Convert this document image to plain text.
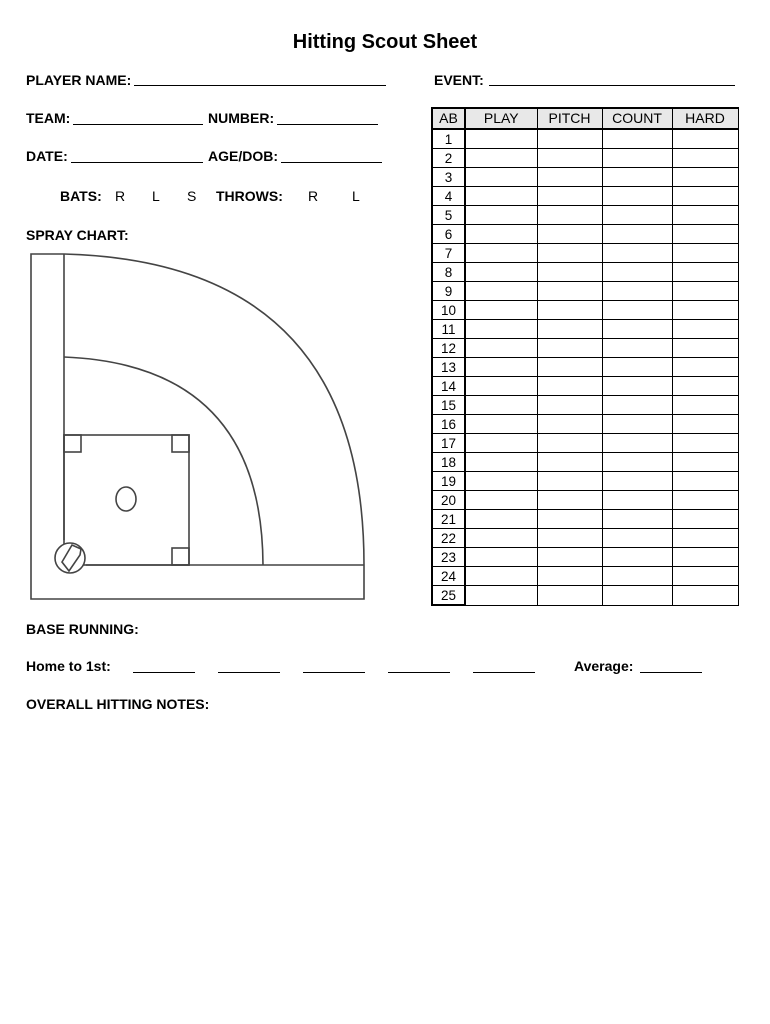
Hitting Scout Sheet
PLAYER NAME:	EVENT:
TEAM:	NUMBER:
DATE:	AGE/DOB:
BATS: R L S THROWS: R L
SPRAY CHART:
AB	PLAY	PITCH	COUNT	HARD
1				
2				
3				
4				
5				
6				
7				
8				
9				
10				
11				
12				
13				
14				
15				
16				
17				
18				
19				
20				
21				
22				
23				
24				
25				
BASE RUNNING:
Home to 1st:	Average:
OVERALL HITTING NOTES:
